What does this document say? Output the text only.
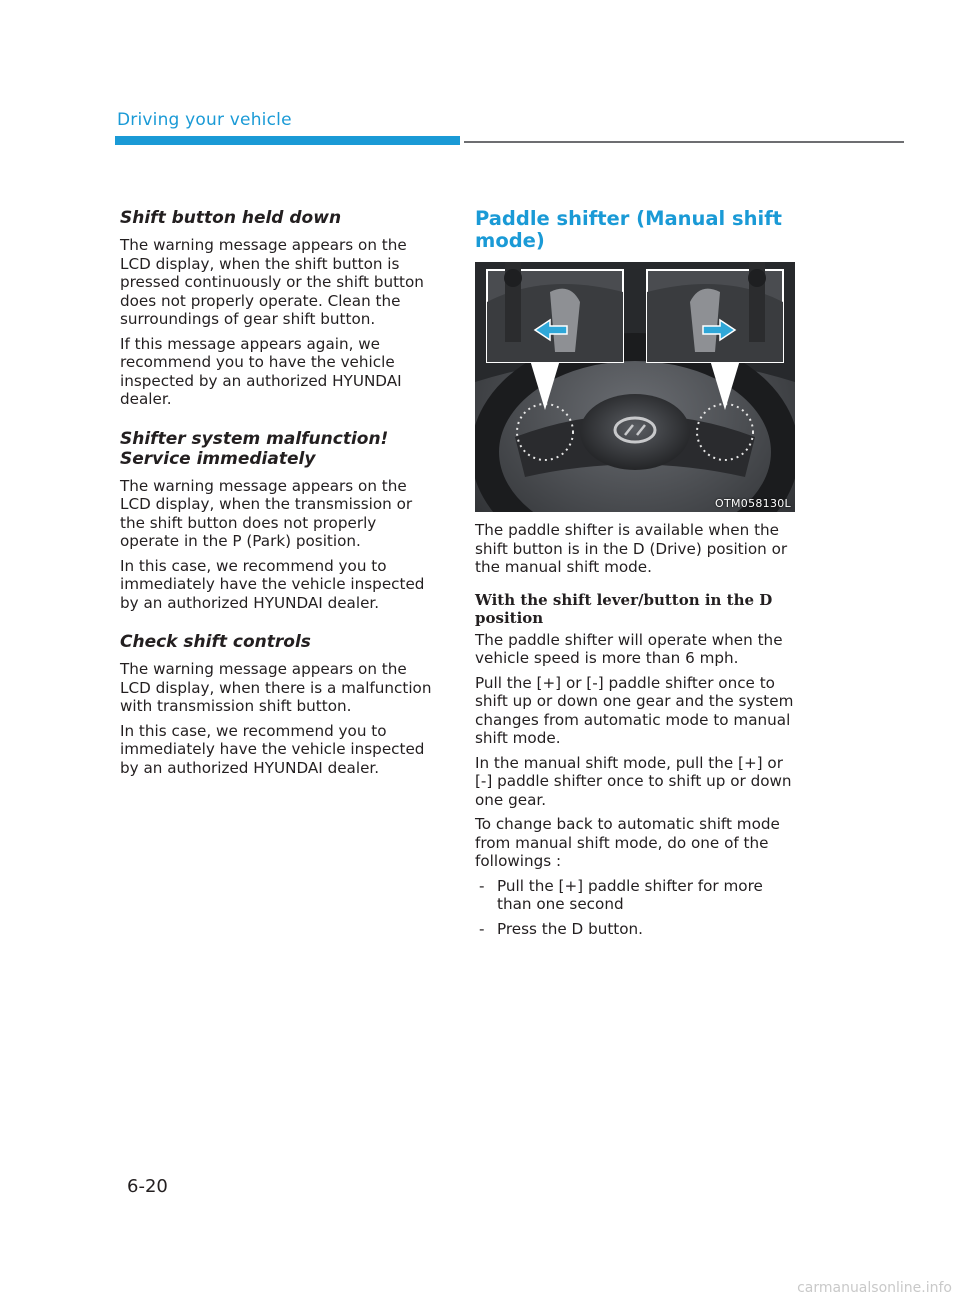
Driving your vehicle
Shift button held down

The warning message appears on the LCD display, when the shift button is pressed continuously or the shift button does not properly operate. Clean the surroundings of gear shift button.

If this message appears again, we recommend you to have the vehicle inspected by an authorized HYUNDAI dealer.

Shifter system malfunction! Service immediately

The warning message appears on the LCD display, when the transmission or the shift button does not properly operate in the P (Park) position.

In this case, we recommend you to immediately have the vehicle inspected by an authorized HYUNDAI dealer.

Check shift controls

The warning message appears on the LCD display, when there is a malfunction with transmission shift button.

In this case, we recommend you to immediately have the vehicle inspected by an authorized HYUNDAI dealer.

Paddle shifter (Manual shift mode)
OTM058130L

The paddle shifter is available when the shift button is in the D (Drive) position or the manual shift mode.

With the shift lever/button in the D position

The paddle shifter will operate when the vehicle speed is more than 6 mph.

Pull the [+] or [-] paddle shifter once to shift up or down one gear and the system changes from automatic mode to manual shift mode.

In the manual shift mode, pull the [+] or [-] paddle shifter once to shift up or down one gear.

To change back to automatic shift mode from manual shift mode, do one of the followings :

- Pull the [+] paddle shifter for more than one second
- Press the D button.
6-20
carmanualsonline.info
